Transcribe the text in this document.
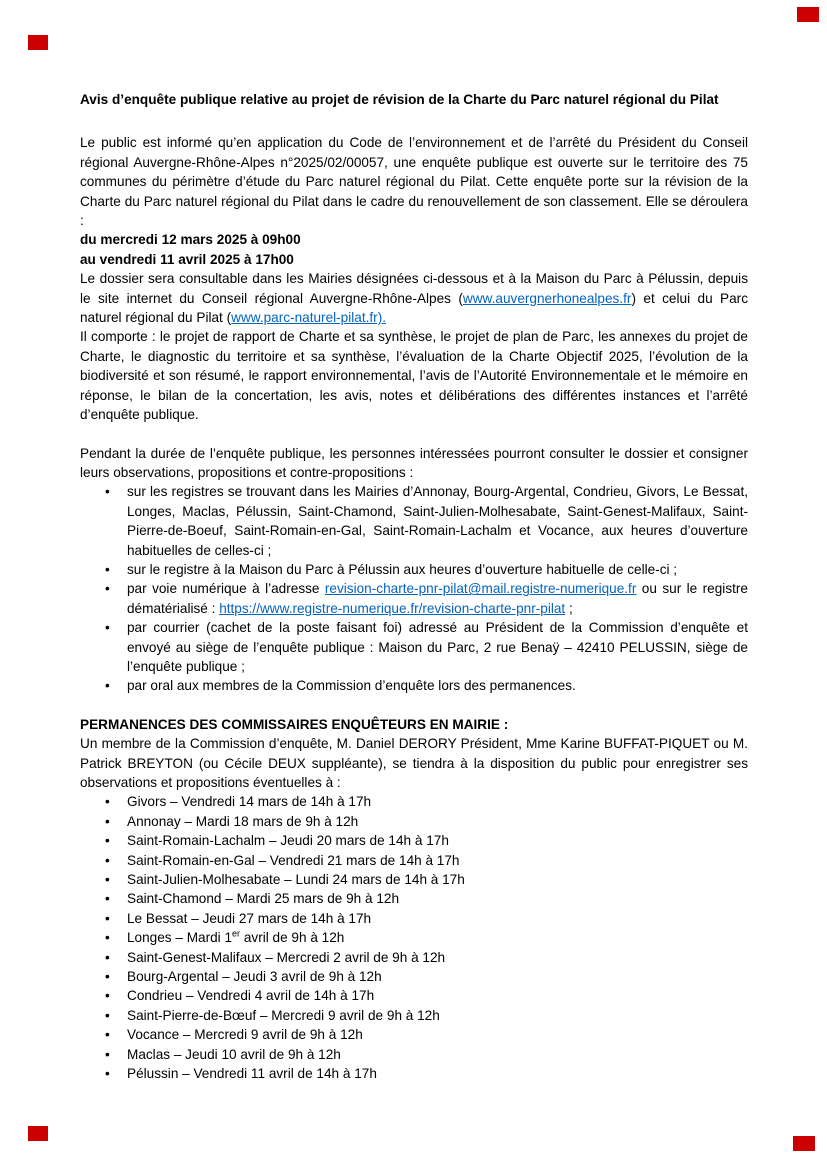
Avis d’enquête publique relative au projet de révision de la Charte du Parc naturel régional du Pilat

Le public est informé qu’en application du Code de l’environnement et de l’arrêté du Président du Conseil régional Auvergne-Rhône-Alpes n°2025/02/00057, une enquête publique est ouverte sur le territoire des 75 communes du périmètre d’étude du Parc naturel régional du Pilat. Cette enquête porte sur la révision de la Charte du Parc naturel régional du Pilat dans le cadre du renouvellement de son classement. Elle se déroulera :

du mercredi 12 mars 2025 à 09h00

au vendredi 11 avril 2025 à 17h00

Le dossier sera consultable dans les Mairies désignées ci-dessous et à la Maison du Parc à Pélussin, depuis le site internet du Conseil régional Auvergne-Rhône-Alpes (www.auvergnerhonealpes.fr) et celui du Parc naturel régional du Pilat (www.parc-naturel-pilat.fr).

Il comporte : le projet de rapport de Charte et sa synthèse, le projet de plan de Parc, les annexes du projet de Charte, le diagnostic du territoire et sa synthèse, l’évaluation de la Charte Objectif 2025, l’évolution de la biodiversité et son résumé, le rapport environnemental, l’avis de l’Autorité Environnementale et le mémoire en réponse, le bilan de la concertation, les avis, notes et délibérations des différentes instances et l’arrêté d’enquête publique.

Pendant la durée de l’enquête publique, les personnes intéressées pourront consulter le dossier et consigner leurs observations, propositions et contre-propositions :

• sur les registres se trouvant dans les Mairies d’Annonay, Bourg-Argental, Condrieu, Givors, Le Bessat, Longes, Maclas, Pélussin, Saint-Chamond, Saint-Julien-Molhesabate, Saint-Genest-Malifaux, Saint-Pierre-de-Boeuf, Saint-Romain-en-Gal, Saint-Romain-Lachalm et Vocance, aux heures d’ouverture habituelles de celles-ci ;
• sur le registre à la Maison du Parc à Pélussin aux heures d’ouverture habituelle de celle-ci ;
• par voie numérique à l’adresse revision-charte-pnr-pilat@mail.registre-numerique.fr ou sur le registre dématérialisé : https://www.registre-numerique.fr/revision-charte-pnr-pilat ;
• par courrier (cachet de la poste faisant foi) adressé au Président de la Commission d’enquête et envoyé au siège de l’enquête publique : Maison du Parc, 2 rue Benaÿ – 42410 PELUSSIN, siège de l’enquête publique ;
• par oral aux membres de la Commission d’enquête lors des permanences.

PERMANENCES DES COMMISSAIRES ENQUÊTEURS EN MAIRIE :

Un membre de la Commission d’enquête, M. Daniel DERORY Président, Mme Karine BUFFAT-PIQUET ou M. Patrick BREYTON (ou Cécile DEUX suppléante), se tiendra à la disposition du public pour enregistrer ses observations et propositions éventuelles à :

• Givors – Vendredi 14 mars de 14h à 17h
• Annonay – Mardi 18 mars de 9h à 12h
• Saint-Romain-Lachalm – Jeudi 20 mars de 14h à 17h
• Saint-Romain-en-Gal – Vendredi 21 mars de 14h à 17h
• Saint-Julien-Molhesabate – Lundi 24 mars de 14h à 17h
• Saint-Chamond – Mardi 25 mars de 9h à 12h
• Le Bessat – Jeudi 27 mars de 14h à 17h
• Longes – Mardi 1er avril de 9h à 12h
• Saint-Genest-Malifaux – Mercredi 2 avril de 9h à 12h
• Bourg-Argental – Jeudi 3 avril de 9h à 12h
• Condrieu – Vendredi 4 avril de 14h à 17h
• Saint-Pierre-de-Bœuf – Mercredi 9 avril de 9h à 12h
• Vocance – Mercredi 9 avril de 9h à 12h
• Maclas – Jeudi 10 avril de 9h à 12h
• Pélussin – Vendredi 11 avril de 14h à 17h
